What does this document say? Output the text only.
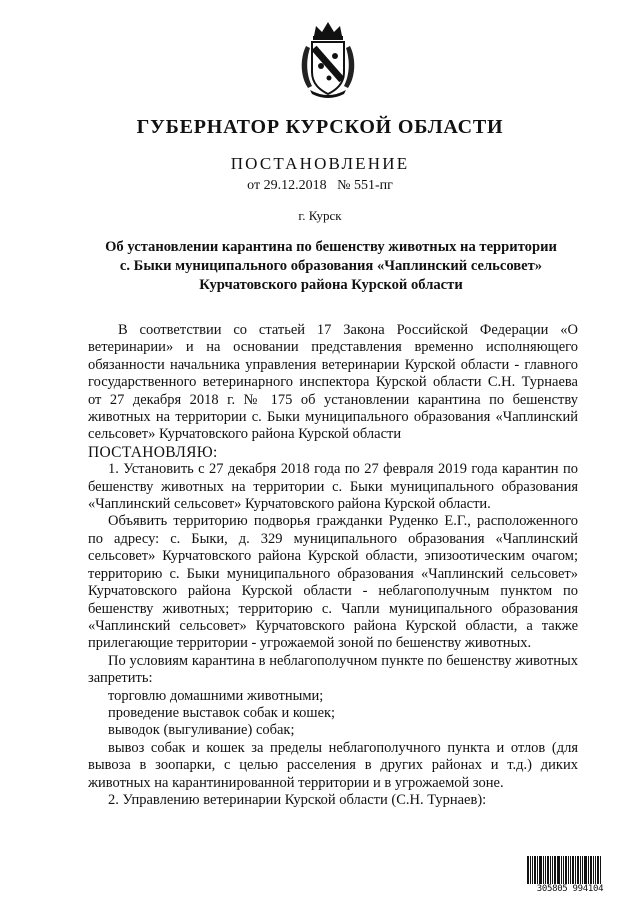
ГУБЕРНАТОР КУРСКОЙ ОБЛАСТИ
ПОСТАНОВЛЕНИЕ
от 29.12.2018   № 551-пг
г. Курск
Об установлении карантина по бешенству животных на территории
с. Быки муниципального образования «Чаплинский сельсовет»
Курчатовского района Курской области
В соответствии со статьей 17 Закона Российской Федерации «О ветеринарии» и на основании представления временно исполняющего обязанности начальника управления ветеринарии Курской области - главного государственного ветеринарного инспектора Курской области С.Н. Турнаева от 27 декабря 2018 г. № 175 об установлении карантина по бешенству животных на территории с. Быки муниципального образования «Чаплинский сельсовет» Курчатовского района Курской области
ПОСТАНОВЛЯЮ:
1. Установить с 27 декабря 2018 года по 27 февраля 2019 года карантин по бешенству животных на территории с. Быки муниципального образования «Чаплинский сельсовет» Курчатовского района Курской области.
Объявить территорию подворья гражданки Руденко Е.Г., расположенного по адресу: с. Быки, д. 329 муниципального образования «Чаплинский сельсовет» Курчатовского района Курской области, эпизоотическим очагом; территорию с. Быки муниципального образования «Чаплинский сельсовет» Курчатовского района Курской области - неблагополучным пунктом по бешенству животных; территорию с. Чапли муниципального образования «Чаплинский сельсовет» Курчатовского района Курской области, а также прилегающие территории - угрожаемой зоной по бешенству животных.
По условиям карантина в неблагополучном пункте по бешенству животных запретить:
торговлю домашними животными;
проведение выставок собак и кошек;
выводок (выгуливание) собак;
вывоз собак и кошек за пределы неблагополучного пункта и отлов (для вывоза в зоопарки, с целью расселения в других районах и т.д.) диких животных на карантинированной территории и в угрожаемой зоне.
2. Управлению ветеринарии Курской области (С.Н. Турнаев):
305805 994104
